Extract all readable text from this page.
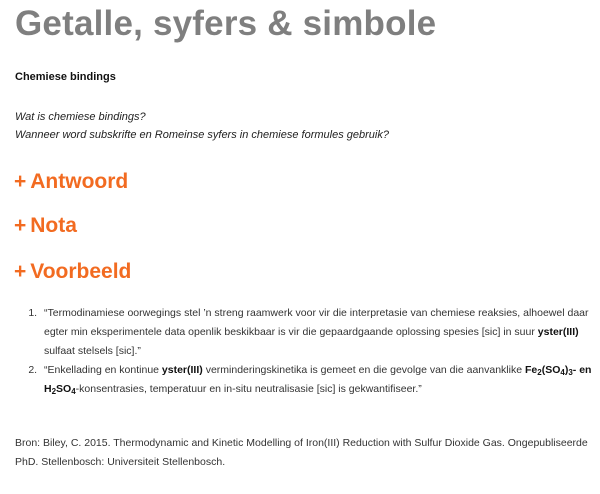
Getalle, syfers & simbole
Chemiese bindings
Wat is chemiese bindings?
Wanneer word subskrifte en Romeinse syfers in chemiese formules gebruik?
+ Antwoord
+ Nota
+ Voorbeeld
1. “Termodinamiese oorwegings stel ’n streng raamwerk voor vir die interpretasie van chemiese reaksies, alhoewel daar egter min eksperimentele data openlik beskikbaar is vir die gepaardgaande oplossing spesies [sic] in suur yster(III) sulfaat stelsels [sic].”
2. “Enkellading en kontinue yster(III) verminderingskinetika is gemeet en die gevolge van die aanvanklike $Fe_2(SO_4)_3-$ en $H_2SO_4$-konsentrasies, temperatuur en in-situ neutralisasie [sic] is gekwantifiseer.”
Bron: Biley, C. 2015. Thermodynamic and Kinetic Modelling of Iron(III) Reduction with Sulfur Dioxide Gas. Ongepubliseerde PhD. Stellenbosch: Universiteit Stellenbosch.
